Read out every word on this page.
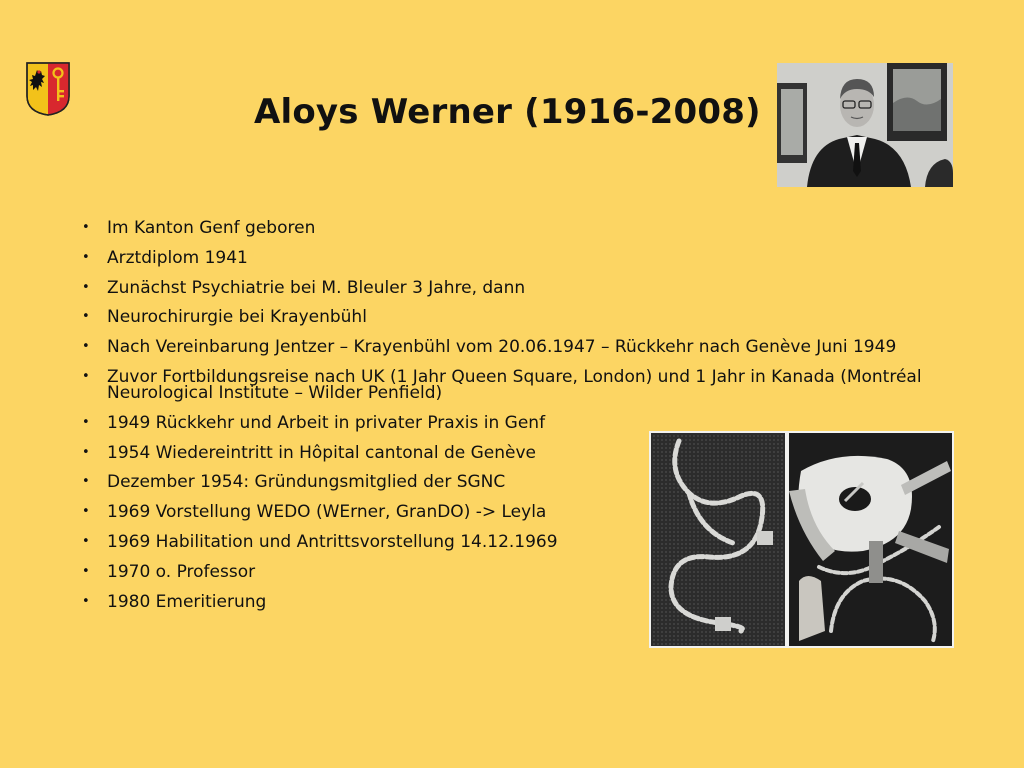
Aloys Werner (1916-2008)
• Im Kanton Genf geboren
• Arztdiplom 1941
• Zunächst Psychiatrie bei M. Bleuler 3 Jahre, dann
• Neurochirurgie bei Krayenbühl
• Nach Vereinbarung Jentzer – Krayenbühl vom 20.06.1947 – Rückkehr nach Genève Juni 1949
• Zuvor Fortbildungsreise nach UK (1 Jahr Queen Square, London) und 1 Jahr in Kanada (Montréal Neurological Institute – Wilder Penfield)
• 1949 Rückkehr und Arbeit in privater Praxis in Genf
• 1954 Wiedereintritt in Hôpital cantonal de Genève
• Dezember 1954: Gründungsmitglied der SGNC
• 1969 Vorstellung WEDO (WErner, GranDO) -> Leyla
• 1969 Habilitation und Antrittsvorstellung 14.12.1969
• 1970 o. Professor
• 1980 Emeritierung
